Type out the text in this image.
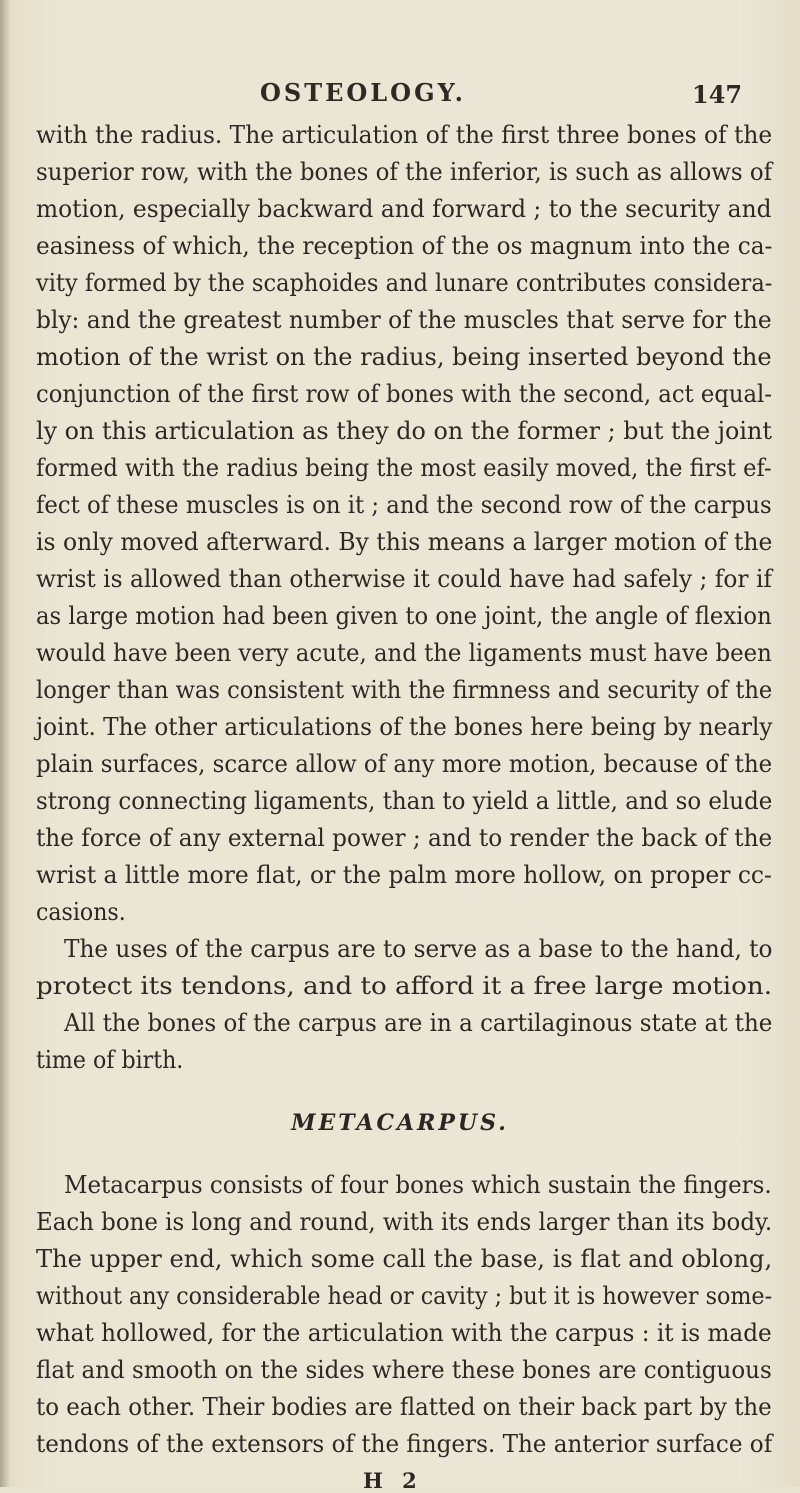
OSTEOLOGY.	147
with the radius. The articulation of the first three bones of the
superior row, with the bones of the inferior, is such as allows of
motion, especially backward and forward ; to the security and
easiness of which, the reception of the os magnum into the ca-
vity formed by the scaphoides and lunare contributes considera-
bly: and the greatest number of the muscles that serve for the
motion of the wrist on the radius, being inserted beyond the
conjunction of the first row of bones with the second, act equal-
ly on this articulation as they do on the former ; but the joint
formed with the radius being the most easily moved, the first ef-
fect of these muscles is on it ; and the second row of the carpus
is only moved afterward. By this means a larger motion of the
wrist is allowed than otherwise it could have had safely ; for if
as large motion had been given to one joint, the angle of flexion
would have been very acute, and the ligaments must have been
longer than was consistent with the firmness and security of the
joint. The other articulations of the bones here being by nearly
plain surfaces, scarce allow of any more motion, because of the
strong connecting ligaments, than to yield a little, and so elude
the force of any external power ; and to render the back of the
wrist a little more flat, or the palm more hollow, on proper cc-
casions.
The uses of the carpus are to serve as a base to the hand, to
protect its tendons, and to afford it a free large motion.
METACARPUS.
Metacarpus consists of four bones which sustain the fingers.
Each bone is long and round, with its ends larger than its body.
The upper end, which some call the base, is flat and oblong,
without any considerable head or cavity ; but it is however some-
what hollowed, for the articulation with the carpus : it is made
flat and smooth on the sides where these bones are contiguous
to each other. Their bodies are flatted on their back part by the
tendons of the extensors of the fingers. The anterior surface of
H 2
All the bones of the carpus are in a cartilaginous state at the
time of birth.
